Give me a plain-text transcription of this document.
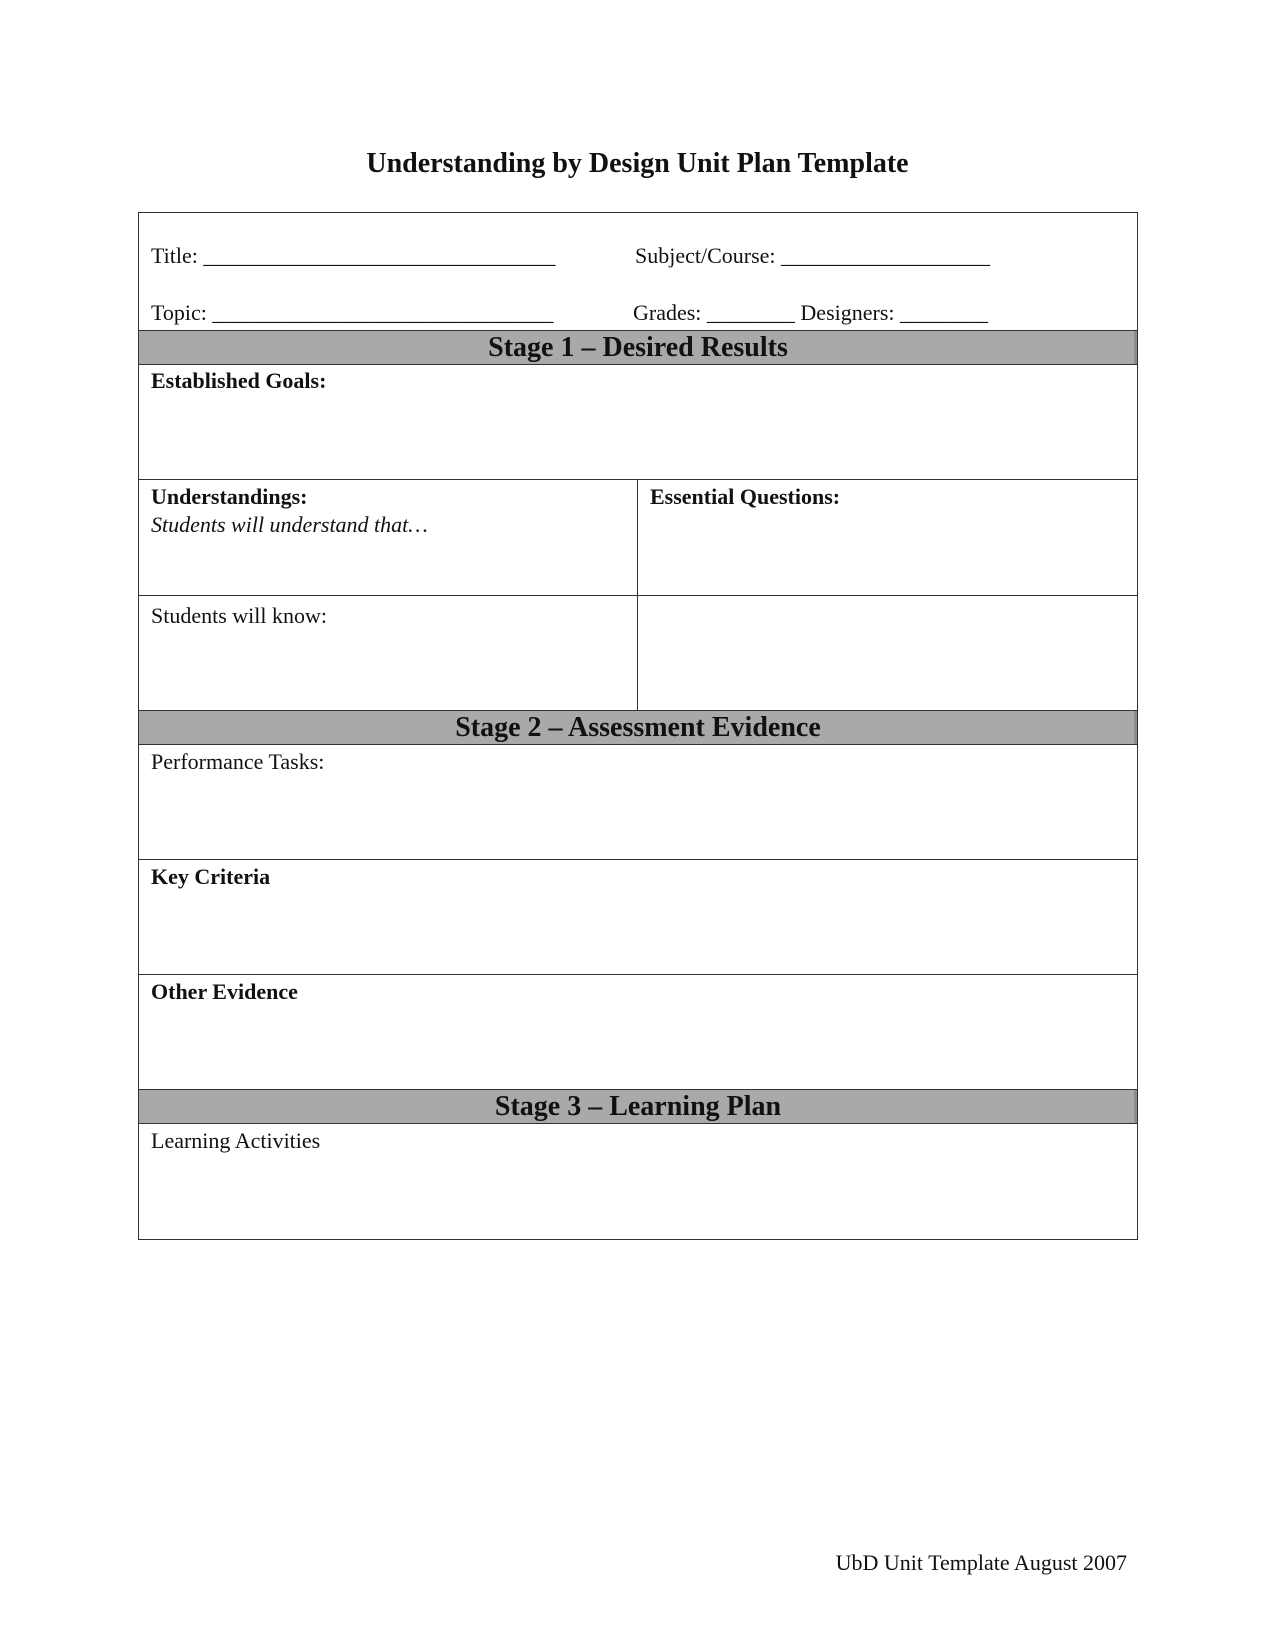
Understanding by Design Unit Plan Template
Title: ________________________________	Subject/Course: ___________________
Topic: _______________________________	Grades: ________ Designers: ________
Stage 1 – Desired Results
Established Goals:
Understandings:
Students will understand that…
Essential Questions:
Students will know:
Stage 2 – Assessment Evidence
Performance Tasks:
Key Criteria
Other Evidence
Stage 3 – Learning Plan
Learning Activities
UbD Unit Template August 2007
